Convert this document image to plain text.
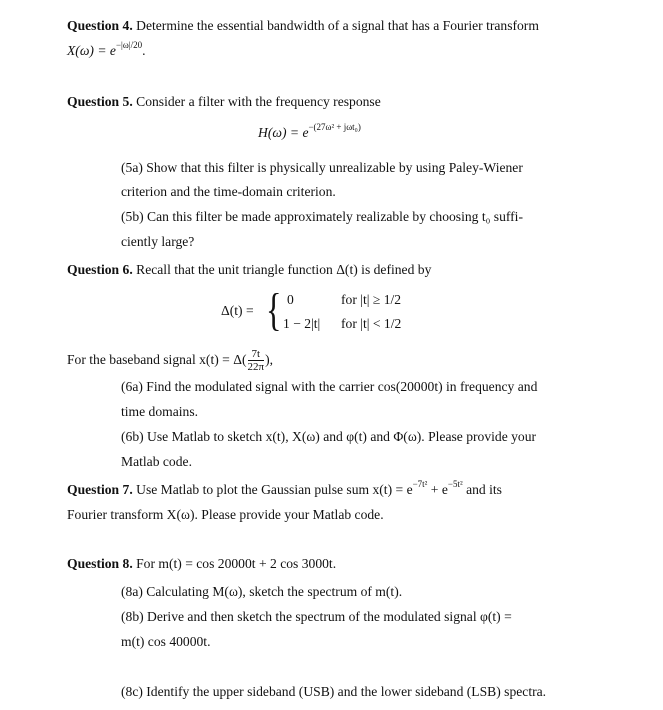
Question 4. Determine the essential bandwidth of a signal that has a Fourier transform
$X(\omega) = e^{-|\omega|/20}$.
Question 5. Consider a filter with the frequency response
$H(\omega) = e^{-(27\omega^2 + j\omega t_0)}$
(5a) Show that this filter is physically unrealizable by using Paley-Wiener
criterion and the time-domain criterion.
(5b) Can this filter be made approximately realizable by choosing t₀ suffi-
ciently large?
Question 6. Recall that the unit triangle function Δ(t) is defined by
Δ(t) = { 0	for |t| ≥ 1/2
1 − 2|t| for |t| < 1/2
For the baseband signal $x(t) = \Delta( \frac{7t}{22\pi}$ ),
(6a) Find the modulated signal with the carrier cos(20000t) in frequency and
time domains.
(6b) Use Matlab to sketch x(t), X(ω) and φ(t) and Φ(ω). Please provide your
Matlab code.
Question 7. Use Matlab to plot the Gaussian pulse sum $x(t) = e^{-7t^2} + e^{-5t^2}$ and its
Fourier transform X(ω). Please provide your Matlab code.
Question 8. For m(t) = cos 20000t + 2 cos 3000t.
(8a) Calculating M(ω), sketch the spectrum of m(t).
(8b) Derive and then sketch the spectrum of the modulated signal φ(t) =
m(t) cos 40000t.
(8c) Identify the upper sideband (USB) and the lower sideband (LSB) spectra.
